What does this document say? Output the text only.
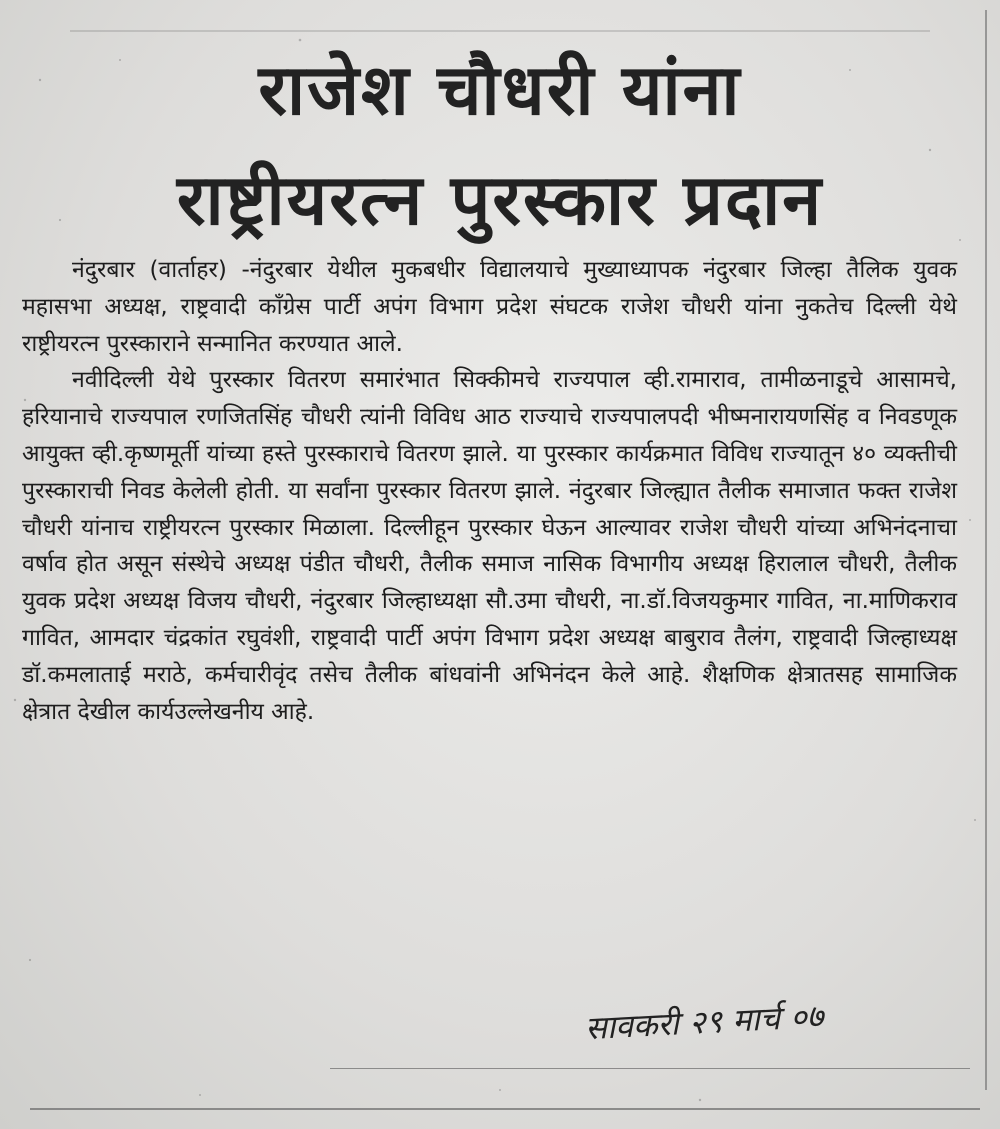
राजेश चौधरी यांना
राष्ट्रीयरत्न पुरस्कार प्रदान

नंदुरबार (वार्ताहर) -नंदुरबार येथील मुकबधीर विद्यालयाचे मुख्याध्यापक नंदुरबार जिल्हा तैलिक युवक महासभा अध्यक्ष, राष्ट्रवादी काँग्रेस पार्टी अपंग विभाग प्रदेश संघटक राजेश चौधरी यांना नुकतेच दिल्ली येथे राष्ट्रीयरत्न पुरस्काराने सन्मानित करण्यात आले.

नवीदिल्ली येथे पुरस्कार वितरण समारंभात सिक्कीमचे राज्यपाल व्ही.रामाराव, तामीळनाडूचे आसामचे, हरियानाचे राज्यपाल रणजितसिंह चौधरी त्यांनी विविध आठ राज्याचे राज्यपालपदी भीष्मनारायणसिंह व निवडणूक आयुक्त व्ही.कृष्णमूर्ती यांच्या हस्ते पुरस्काराचे वितरण झाले. या पुरस्कार कार्यक्रमात विविध राज्यातून ४० व्यक्तीची पुरस्काराची निवड केलेली होती. या सर्वांना पुरस्कार वितरण झाले. नंदुरबार जिल्ह्यात तैलीक समाजात फक्त राजेश चौधरी यांनाच राष्ट्रीयरत्न पुरस्कार मिळाला. दिल्लीहून पुरस्कार घेऊन आल्यावर राजेश चौधरी यांच्या अभिनंदनाचा वर्षाव होत असून संस्थेचे अध्यक्ष पंडीत चौधरी, तैलीक समाज नासिक विभागीय अध्यक्ष हिरालाल चौधरी, तैलीक युवक प्रदेश अध्यक्ष विजय चौधरी, नंदुरबार जिल्हाध्यक्षा सौ.उमा चौधरी, ना.डॉ.विजयकुमार गावित, ना.माणिकराव गावित, आमदार चंद्रकांत रघुवंशी, राष्ट्रवादी पार्टी अपंग विभाग प्रदेश अध्यक्ष बाबुराव तैलंग, राष्ट्रवादी जिल्हाध्यक्ष डॉ.कमलाताई मराठे, कर्मचारीवृंद तसेच तैलीक बांधवांनी अभिनंदन केले आहे. शैक्षणिक क्षेत्रातसह सामाजिक क्षेत्रात देखील कार्यउल्लेखनीय आहे.

सावकरी २९ मार्च ०७
